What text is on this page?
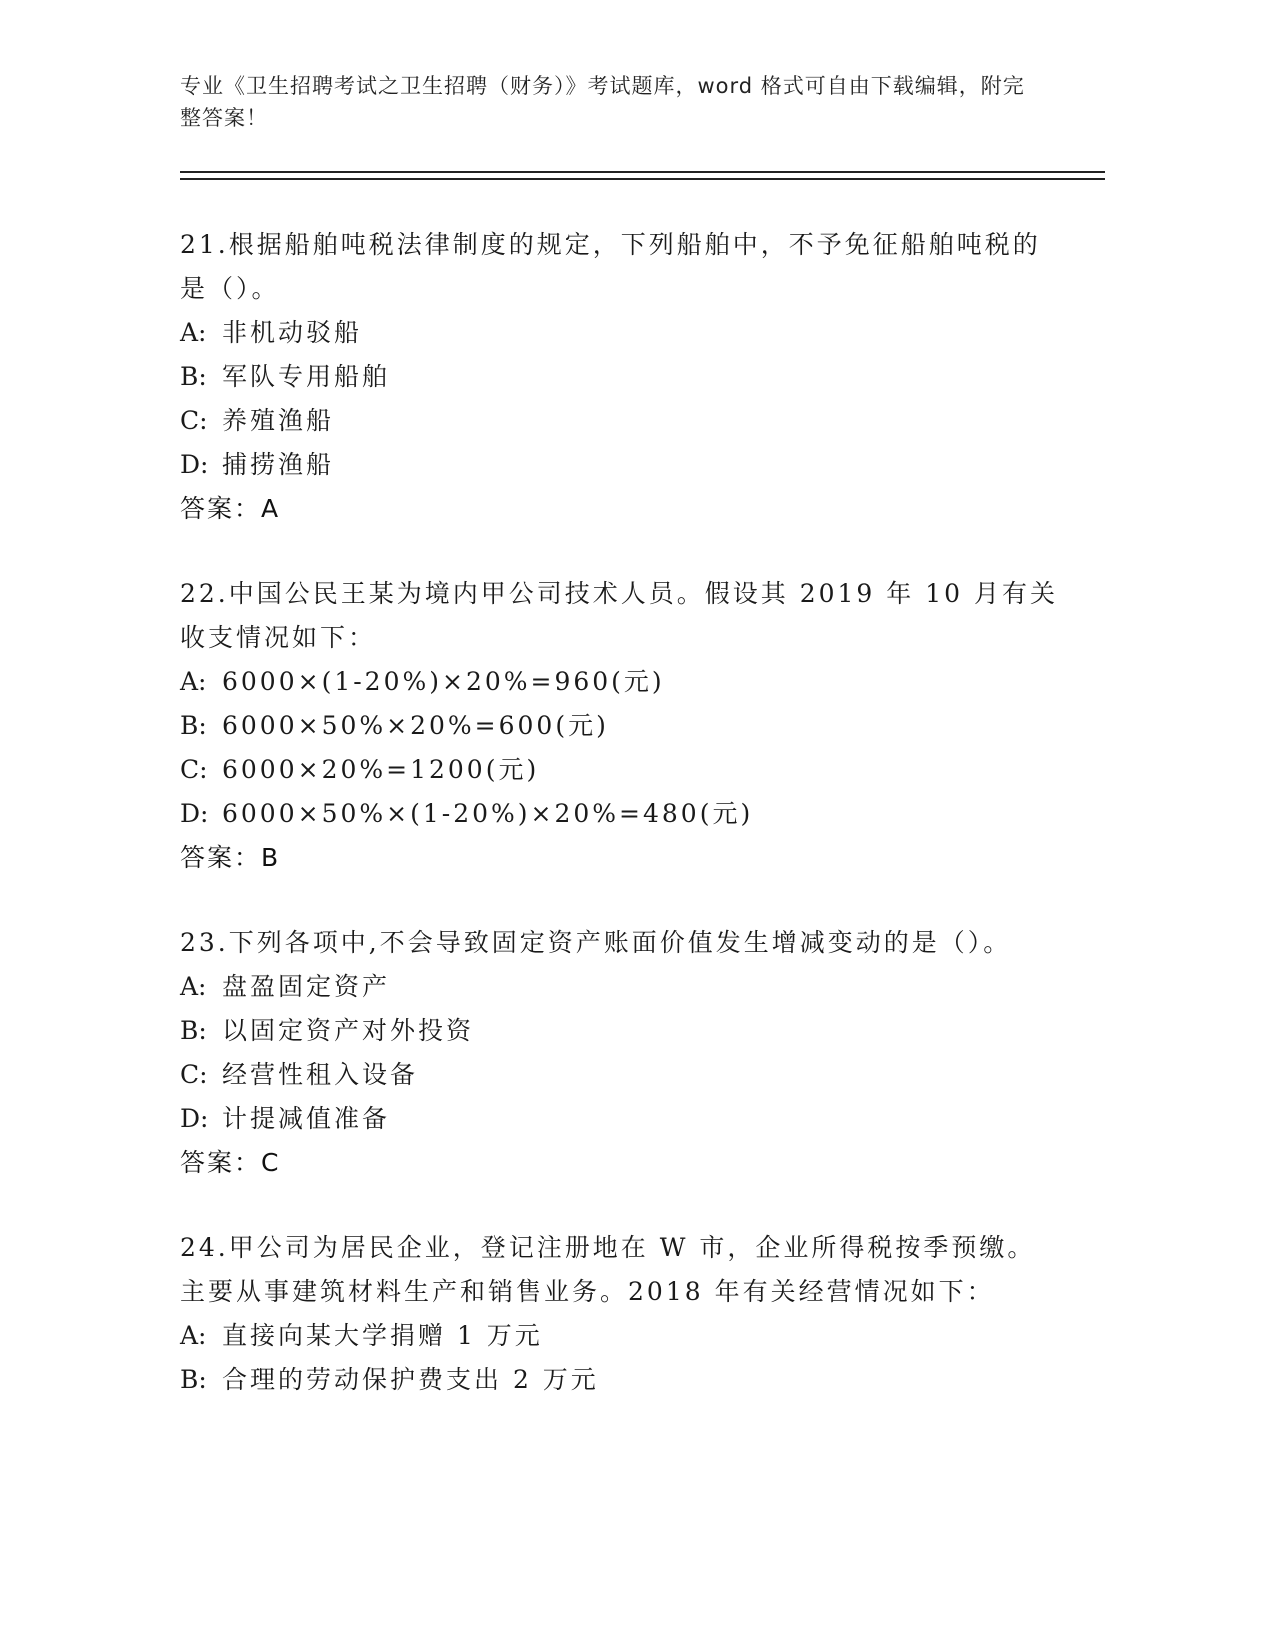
专业《卫生招聘考试之卫生招聘（财务）》考试题库，word 格式可自由下载编辑，附完整答案！

21.根据船舶吨税法律制度的规定，下列船舶中，不予免征船舶吨税的是（）。

A: 非机动驳船

B: 军队专用船舶

C: 养殖渔船

D: 捕捞渔船

答案：A

22.中国公民王某为境内甲公司技术人员。假设其 2019 年 10 月有关收支情况如下：

A: 6000×(1-20%)×20%=960(元)

B: 6000×50%×20%=600(元)

C: 6000×20%=1200(元)

D: 6000×50%×(1-20%)×20%=480(元)

答案：B

23.下列各项中,不会导致固定资产账面价值发生增减变动的是（）。

A: 盘盈固定资产

B: 以固定资产对外投资

C: 经营性租入设备

D: 计提减值准备

答案：C

24.甲公司为居民企业，登记注册地在 W 市，企业所得税按季预缴。主要从事建筑材料生产和销售业务。2018 年有关经营情况如下：

A: 直接向某大学捐赠 1 万元

B: 合理的劳动保护费支出 2 万元
